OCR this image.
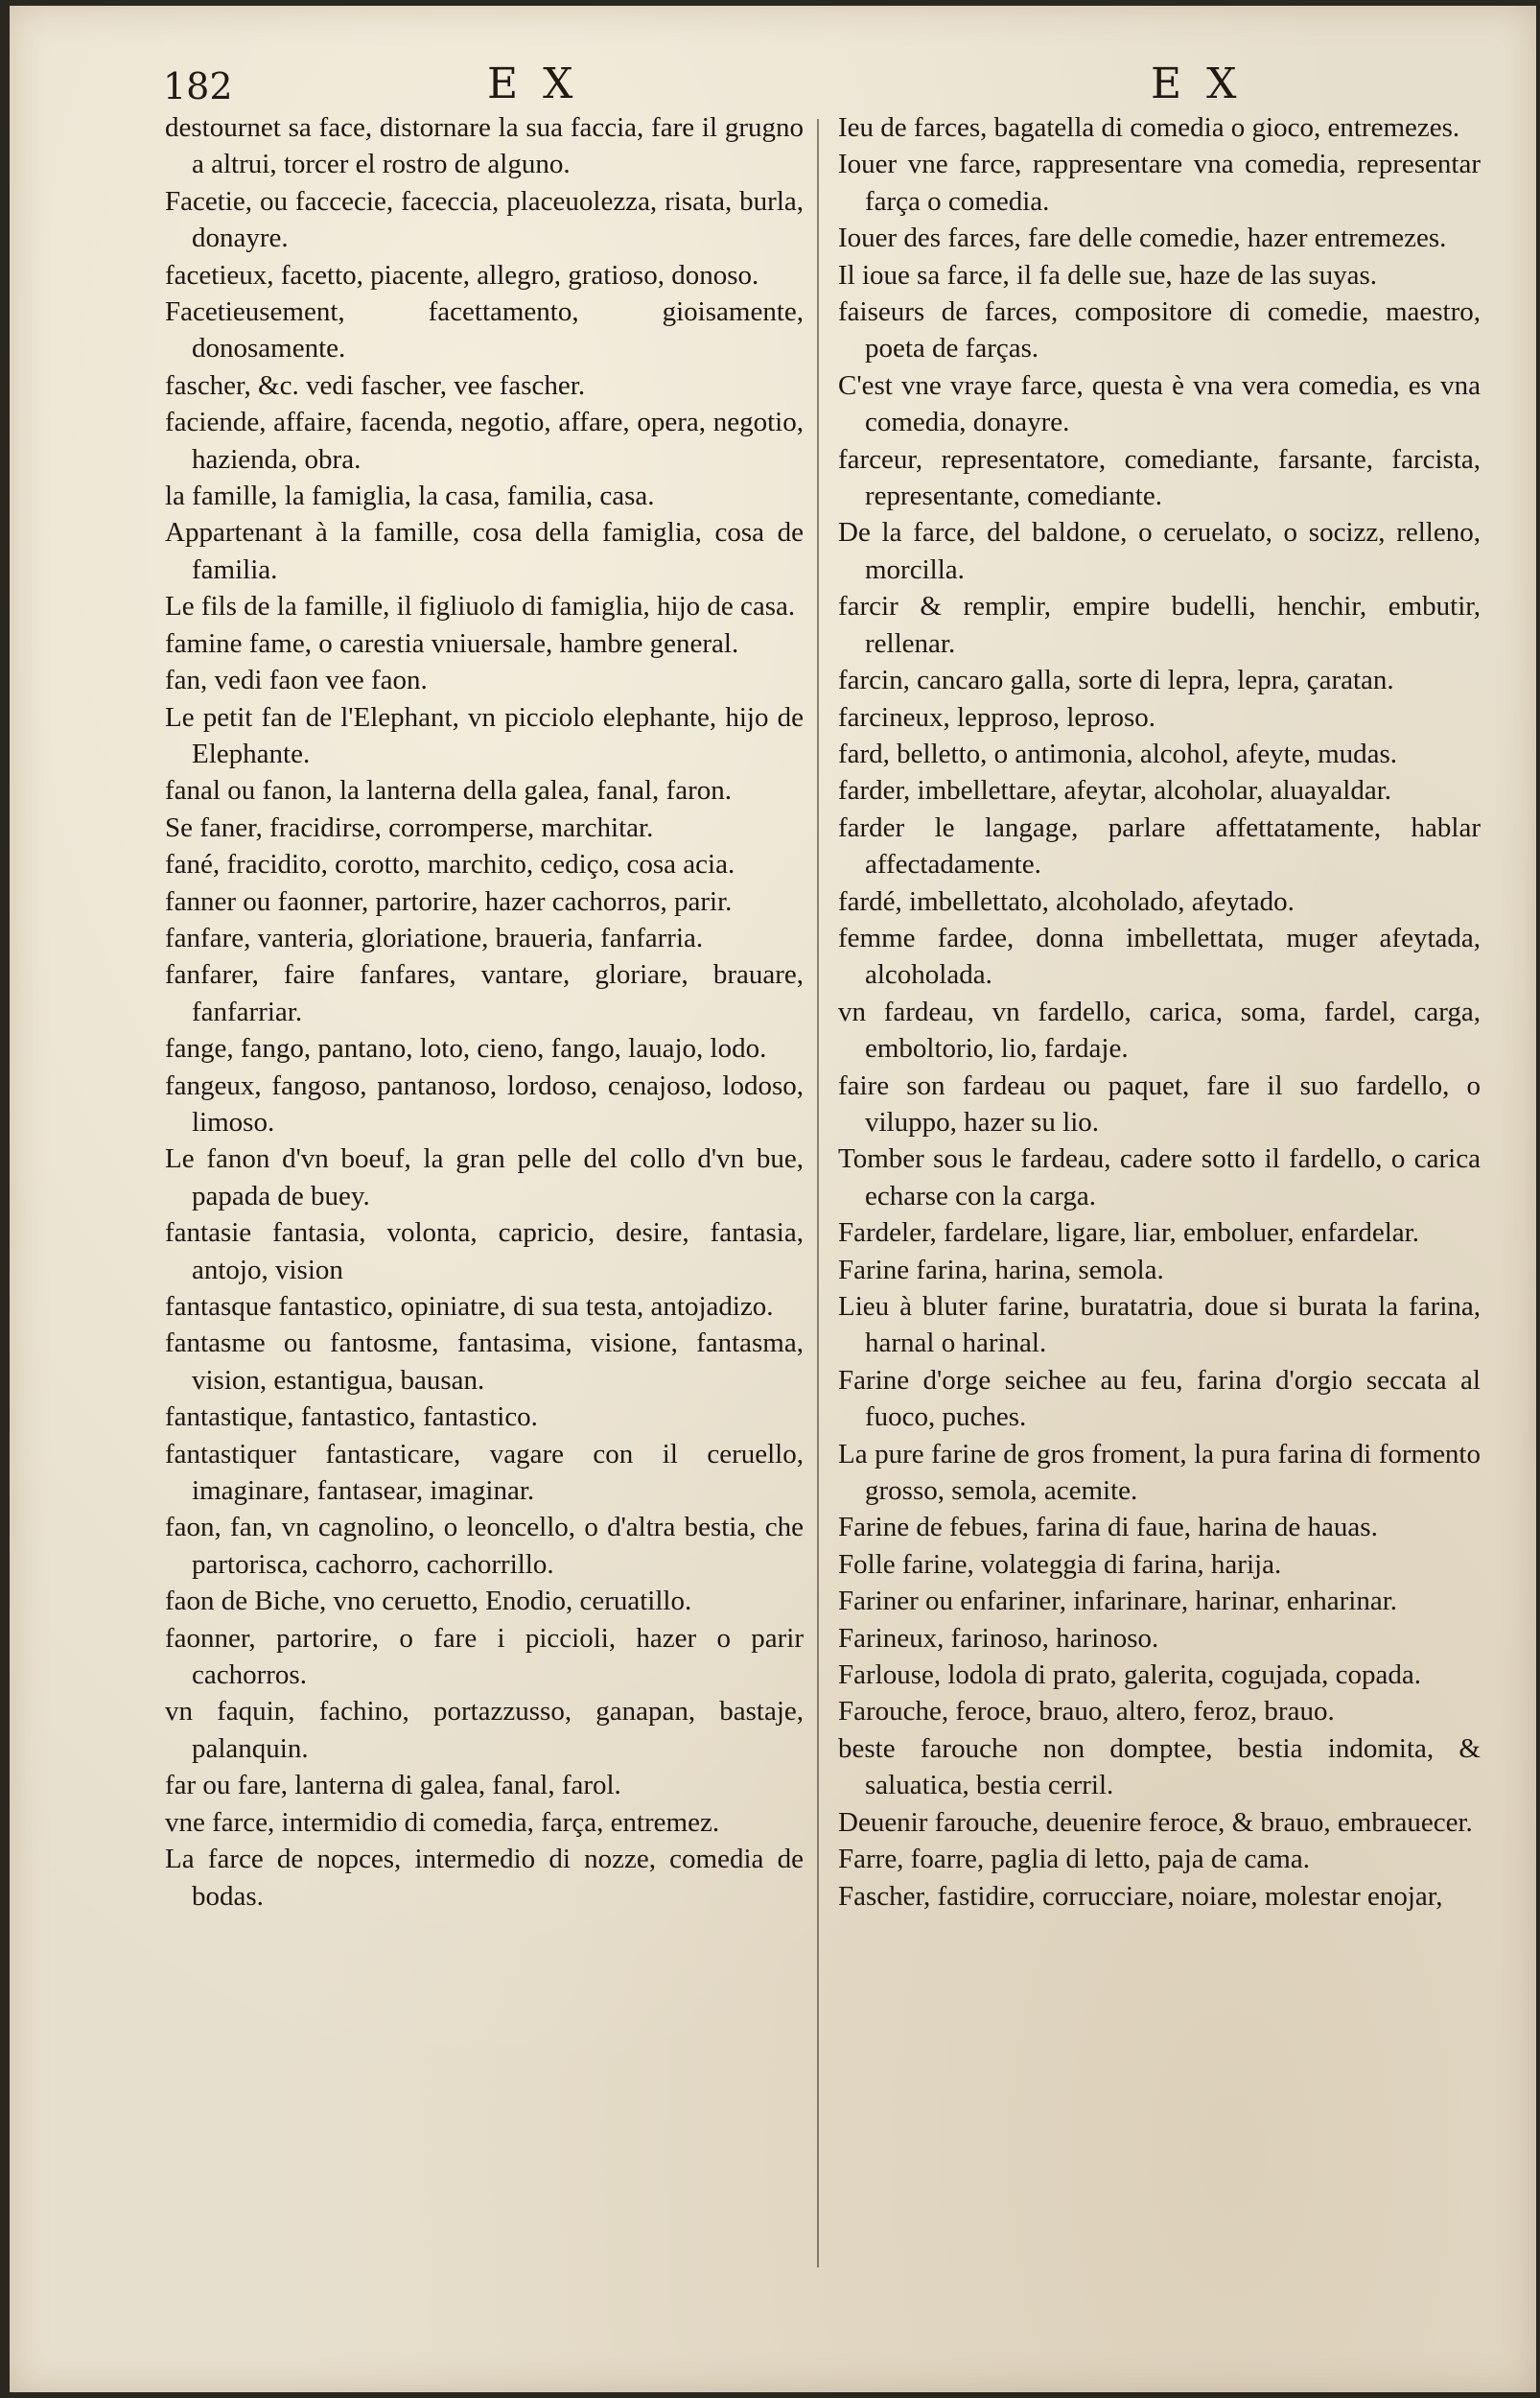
182	E X	E X

destournet sa face, distornare la sua faccia, fare il grugno a altrui, torcer el rostro de alguno.

Facetie, ou faccecie, faceccia, placeuolezza, risata, burla, donayre.

facetieux, facetto, piacente, allegro, gratioso, donoso.

Facetieusement, facettamento, gioisamente, donosamente.

fascher, &c. vedi fascher, vee fascher.

faciende, affaire, facenda, negotio, affare, opera, negotio, hazienda, obra.

la famille, la famiglia, la casa, familia, casa.

Appartenant à la famille, cosa della famiglia, cosa de familia.

Le fils de la famille, il figliuolo di famiglia, hijo de casa.

famine fame, o carestia vniuersale, hambre general.

fan, vedi faon vee faon.

Le petit fan de l'Elephant, vn picciolo elephante, hijo de Elephante.

fanal ou fanon, la lanterna della galea, fanal, faron.

Se faner, fracidirse, corromperse, marchitar.

fané, fracidito, corotto, marchito, cediço, cosa acia.

fanner ou faonner, partorire, hazer cachorros, parir.

fanfare, vanteria, gloriatione, braueria, fanfarria.

fanfarer, faire fanfares, vantare, gloriare, brauare, fanfarriar.

fange, fango, pantano, loto, cieno, fango, lauajo, lodo.

fangeux, fangoso, pantanoso, lordoso, cenajoso, lodoso, limoso.

Le fanon d'vn boeuf, la gran pelle del collo d'vn bue, papada de buey.

fantasie fantasia, volonta, capricio, desire, fantasia, antojo, vision

fantasque fantastico, opiniatre, di sua testa, antojadizo.

fantasme ou fantosme, fantasima, visione, fantasma, vision, estantigua, bausan.

fantastique, fantastico, fantastico.

fantastiquer fantasticare, vagare con il ceruello, imaginare, fantasear, imaginar.

faon, fan, vn cagnolino, o leoncello, o d'altra bestia, che partorisca, cachorro, cachorrillo.

faon de Biche, vno ceruetto, Enodio, ceruatillo.

faonner, partorire, o fare i piccioli, hazer o parir cachorros.

vn faquin, fachino, portazzusso, ganapan, bastaje, palanquin.

far ou fare, lanterna di galea, fanal, farol.

vne farce, intermidio di comedia, farça, entremez.

La farce de nopces, intermedio di nozze, comedia de bodas.

Ieu de farces, bagatella di comedia o gioco, entremezes.

Iouer vne farce, rappresentare vna comedia, representar farça o comedia.

Iouer des farces, fare delle comedie, hazer entremezes.

Il ioue sa farce, il fa delle sue, haze de las suyas.

faiseurs de farces, compositore di comedie, maestro, poeta de farças.

C'est vne vraye farce, questa è vna vera comedia, es vna comedia, donayre.

farceur, representatore, comediante, farsante, farcista, representante, comediante.

De la farce, del baldone, o ceruelato, o socizz, relleno, morcilla.

farcir & remplir, empire budelli, henchir, embutir, rellenar.

farcin, cancaro galla, sorte di lepra, lepra, çaratan.

farcineux, lepproso, leproso.

fard, belletto, o antimonia, alcohol, afeyte, mudas.

farder, imbellettare, afeytar, alcoholar, aluayaldar.

farder le langage, parlare affettatamente, hablar affectadamente.

fardé, imbellettato, alcoholado, afeytado.

femme fardee, donna imbellettata, muger afeytada, alcoholada.

vn fardeau, vn fardello, carica, soma, fardel, carga, emboltorio, lio, fardaje.

faire son fardeau ou paquet, fare il suo fardello, o viluppo, hazer su lio.

Tomber sous le fardeau, cadere sotto il fardello, o carica echarse con la carga.

Fardeler, fardelare, ligare, liar, emboluer, enfardelar.

Farine farina, harina, semola.

Lieu à bluter farine, buratatria, doue si burata la farina, harnal o harinal.

Farine d'orge seichee au feu, farina d'orgio seccata al fuoco, puches.

La pure farine de gros froment, la pura farina di formento grosso, semola, acemite.

Farine de febues, farina di faue, harina de hauas.

Folle farine, volateggia di farina, harija.

Fariner ou enfariner, infarinare, harinar, enharinar.

Farineux, farinoso, harinoso.

Farlouse, lodola di prato, galerita, cogujada, copada.

Farouche, feroce, brauo, altero, feroz, brauo.

beste farouche non domptee, bestia indomita, & saluatica, bestia cerril.

Deuenir farouche, deuenire feroce, & brauo, embrauecer.

Farre, foarre, paglia di letto, paja de cama.

Fascher, fastidire, corrucciare, noiare, molestar enojar,
